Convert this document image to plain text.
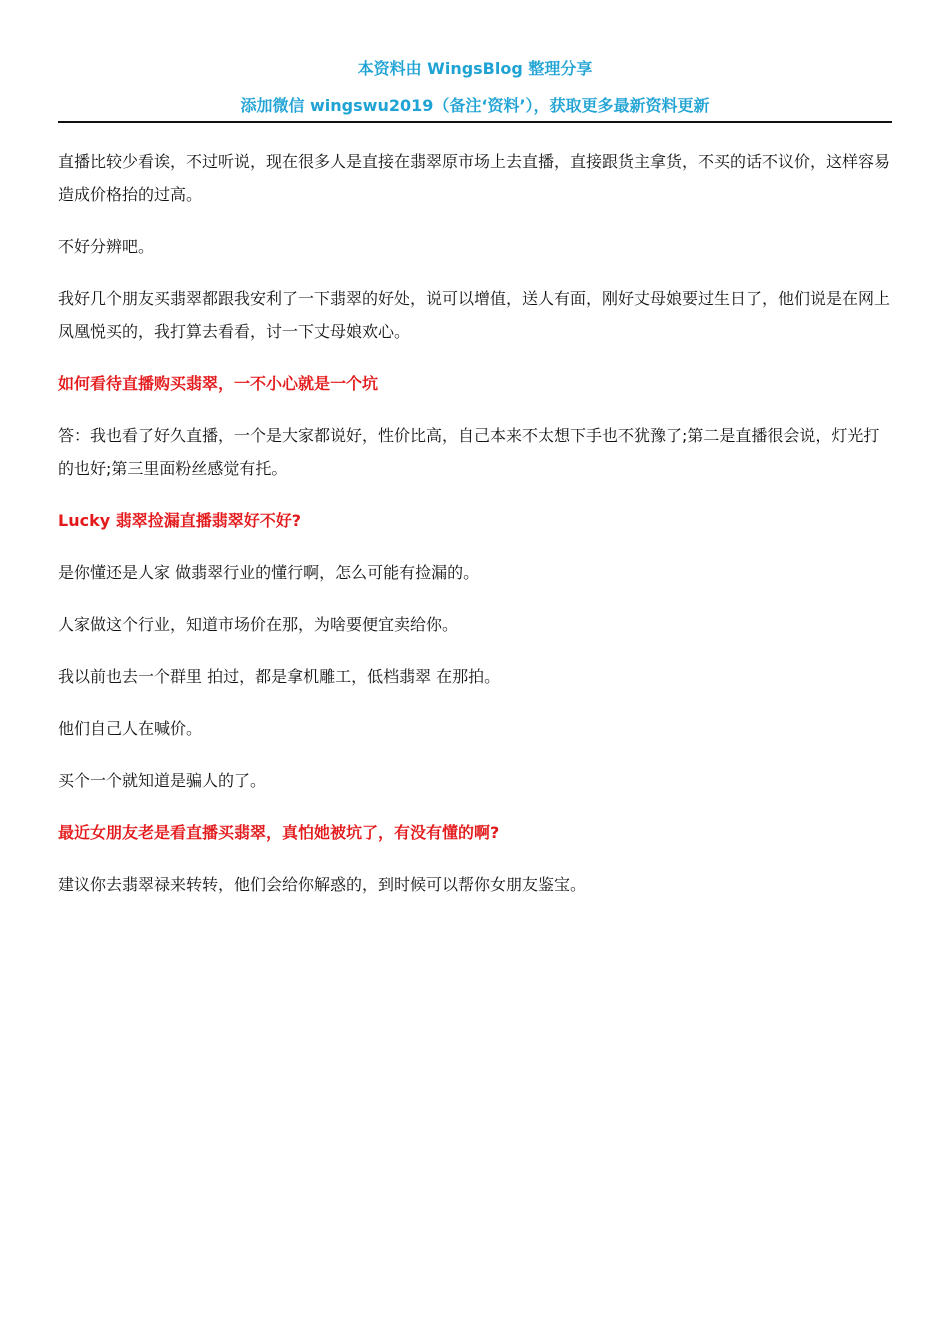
本资料由 WingsBlog 整理分享
添加微信 wingswu2019（备注‘资料’），获取更多最新资料更新

直播比较少看诶，不过听说，现在很多人是直接在翡翠原市场上去直播，直接跟货主拿货，不买的话不议价，这样容易造成价格抬的过高。

不好分辨吧。

我好几个朋友买翡翠都跟我安利了一下翡翠的好处，说可以增值，送人有面，刚好丈母娘要过生日了，他们说是在网上凤凰悦买的，我打算去看看，讨一下丈母娘欢心。

如何看待直播购买翡翠，一不小心就是一个坑

答：我也看了好久直播，一个是大家都说好，性价比高，自己本来不太想下手也不犹豫了;第二是直播很会说，灯光打的也好;第三里面粉丝感觉有托。

Lucky 翡翠捡漏直播翡翠好不好?

是你懂还是人家 做翡翠行业的懂行啊，怎么可能有捡漏的。

人家做这个行业，知道市场价在那，为啥要便宜卖给你。

我以前也去一个群里 拍过，都是拿机雕工，低档翡翠 在那拍。

他们自己人在喊价。

买个一个就知道是骗人的了。

最近女朋友老是看直播买翡翠，真怕她被坑了，有没有懂的啊?

建议你去翡翠禄来转转，他们会给你解惑的，到时候可以帮你女朋友鉴宝。
